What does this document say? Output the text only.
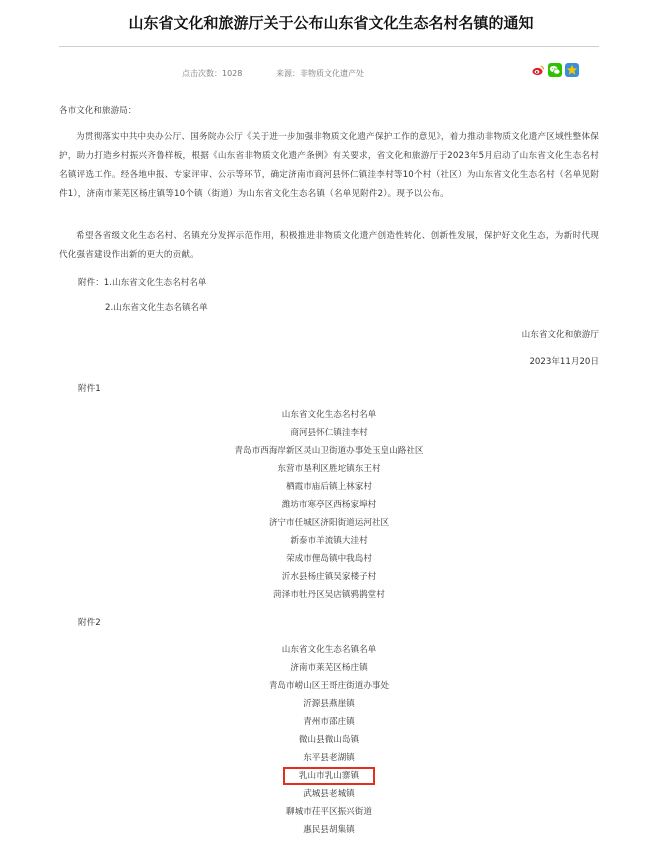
山东省文化和旅游厅关于公布山东省文化生态名村名镇的通知
点击次数：1028	来源：非物质文化遗产处
各市文化和旅游局：
为贯彻落实中共中央办公厅、国务院办公厅《关于进一步加强非物质文化遗产保护工作的意见》，着力推动非物质文化遗产区域性整体保护，助力打造乡村振兴齐鲁样板，根据《山东省非物质文化遗产条例》有关要求，省文化和旅游厅于2023年5月启动了山东省文化生态名村名镇评选工作。经各地申报、专家评审、公示等环节，确定济南市商河县怀仁镇洼李村等10个村（社区）为山东省文化生态名村（名单见附件1），济南市莱芜区杨庄镇等10个镇（街道）为山东省文化生态名镇（名单见附件2）。现予以公布。
希望各省级文化生态名村、名镇充分发挥示范作用，积极推进非物质文化遗产创造性转化、创新性发展，保护好文化生态，为新时代现代化强省建设作出新的更大的贡献。
附件：1.山东省文化生态名村名单
2.山东省文化生态名镇名单
山东省文化和旅游厅
2023年11月20日
附件1
山东省文化生态名村名单
商河县怀仁镇洼李村
青岛市西海岸新区灵山卫街道办事处玉皇山路社区
东营市垦利区胜坨镇东王村
栖霞市庙后镇上林家村
潍坊市寒亭区西杨家埠村
济宁市任城区济阳街道运河社区
新泰市羊流镇大洼村
荣成市俚岛镇中我岛村
沂水县杨庄镇吴家楼子村
菏泽市牡丹区吴店镇鸦鹊堂村
附件2
山东省文化生态名镇名单
济南市莱芜区杨庄镇
青岛市崂山区王哥庄街道办事处
沂源县燕崖镇
青州市邵庄镇
微山县微山岛镇
东平县老湖镇
乳山市乳山寨镇
武城县老城镇
聊城市茌平区振兴街道
惠民县胡集镇
